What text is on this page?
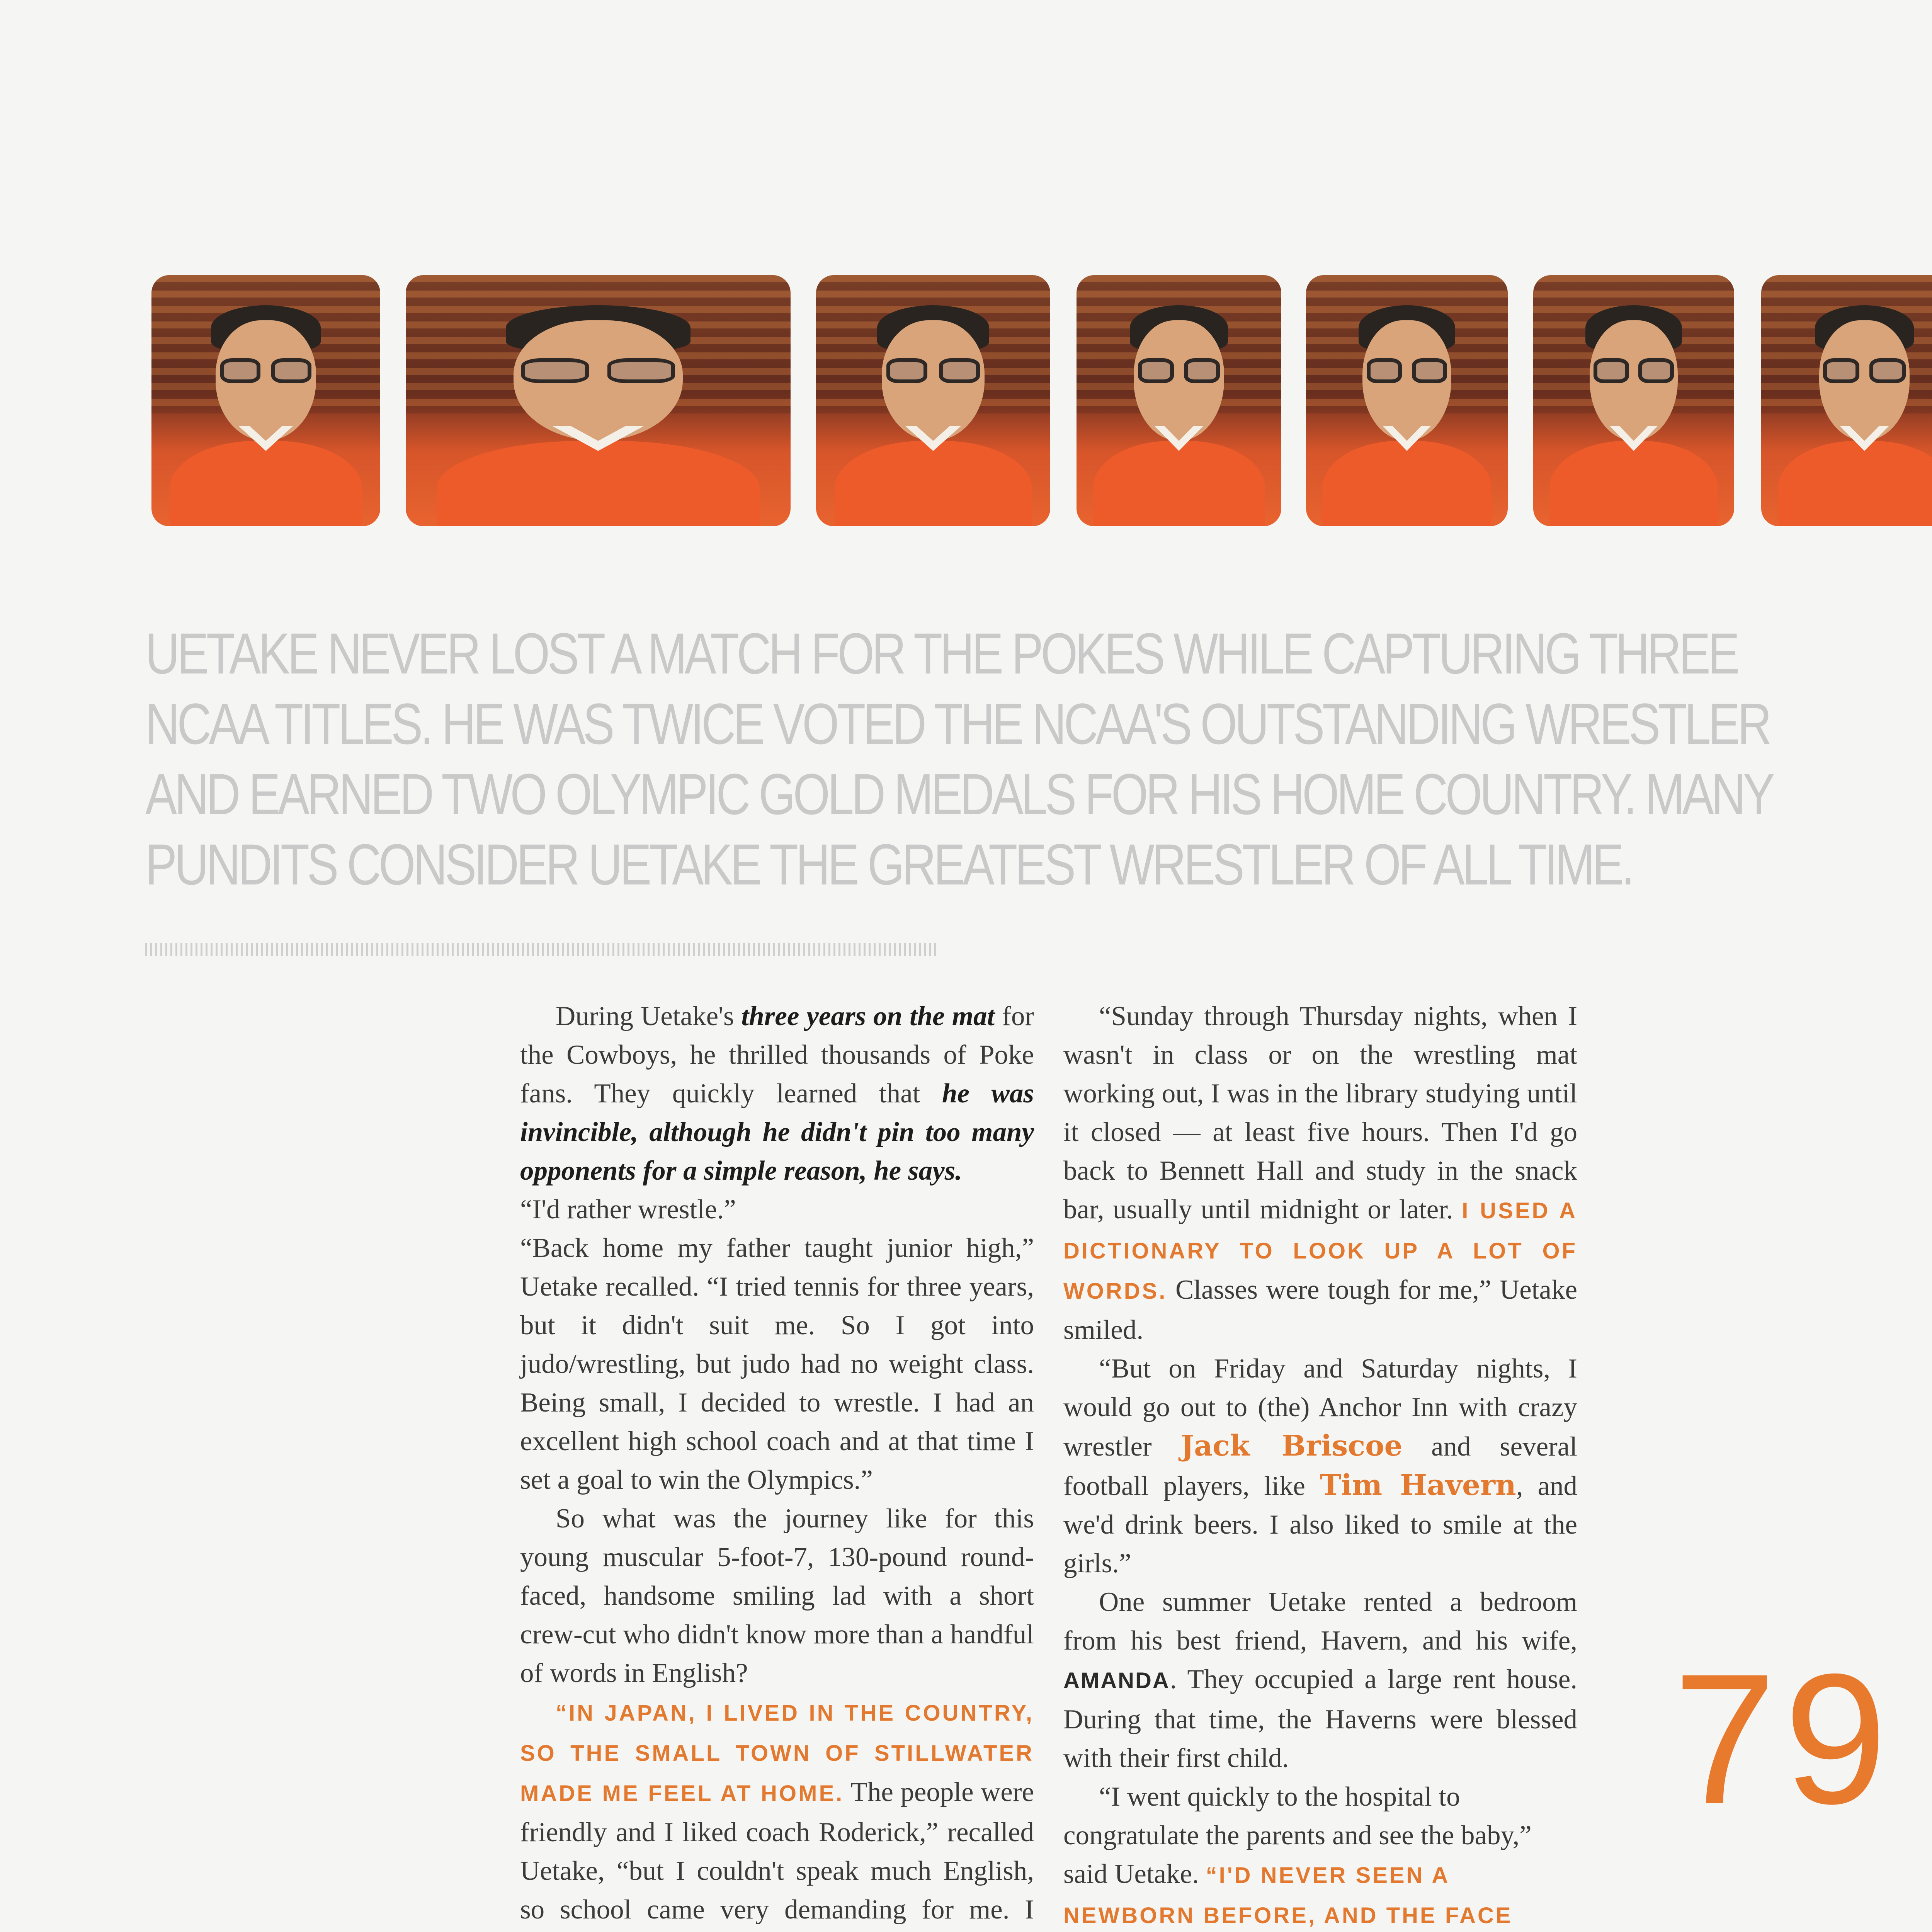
UETAKE NEVER LOST A MATCH FOR THE POKES WHILE CAPTURING THREE
NCAA TITLES. HE WAS TWICE VOTED THE NCAA'S OUTSTANDING WRESTLER
AND EARNED TWO OLYMPIC GOLD MEDALS FOR HIS HOME COUNTRY. MANY
PUNDITS CONSIDER UETAKE THE GREATEST WRESTLER OF ALL TIME.

During Uetake's three years on the mat for the Cowboys, he thrilled thousands of Poke fans. They quickly learned that he was invincible, although he didn't pin too many opponents for a simple reason, he says.

“I'd rather wrestle.”

“Back home my father taught junior high,” Uetake recalled. “I tried tennis for three years, but it didn't suit me. So I got into judo/wrestling, but judo had no weight class. Being small, I decided to wrestle. I had an excellent high school coach and at that time I set a goal to win the Olympics.”

So what was the journey like for this young muscular 5-foot-7, 130-pound round-faced, handsome smiling lad with a short crew-cut who didn't know more than a handful of words in English?

“IN JAPAN, I LIVED IN THE COUNTRY, SO THE SMALL TOWN OF STILLWATER MADE ME FEEL AT HOME. The people were friendly and I liked coach Roderick,” recalled Uetake, “but I couldn't speak much English, so school came very demanding for me. I

“Sunday through Thursday nights, when I wasn't in class or on the wrestling mat working out, I was in the library studying until it closed — at least five hours. Then I'd go back to Bennett Hall and study in the snack bar, usually until midnight or later. I USED A DICTIONARY TO LOOK UP A LOT OF WORDS. Classes were tough for me,” Uetake smiled.

“But on Friday and Saturday nights, I would go out to (the) Anchor Inn with crazy wrestler Jack Briscoe and several football players, like Tim Havern, and we'd drink beers. I also liked to smile at the girls.”

One summer Uetake rented a bedroom from his best friend, Havern, and his wife, AMANDA. They occupied a large rent house. During that time, the Haverns were blessed with their first child.

“I went quickly to the hospital to congratulate the parents and see the baby,” said Uetake. “I'D NEVER SEEN A NEWBORN BEFORE, AND THE FACE

79
